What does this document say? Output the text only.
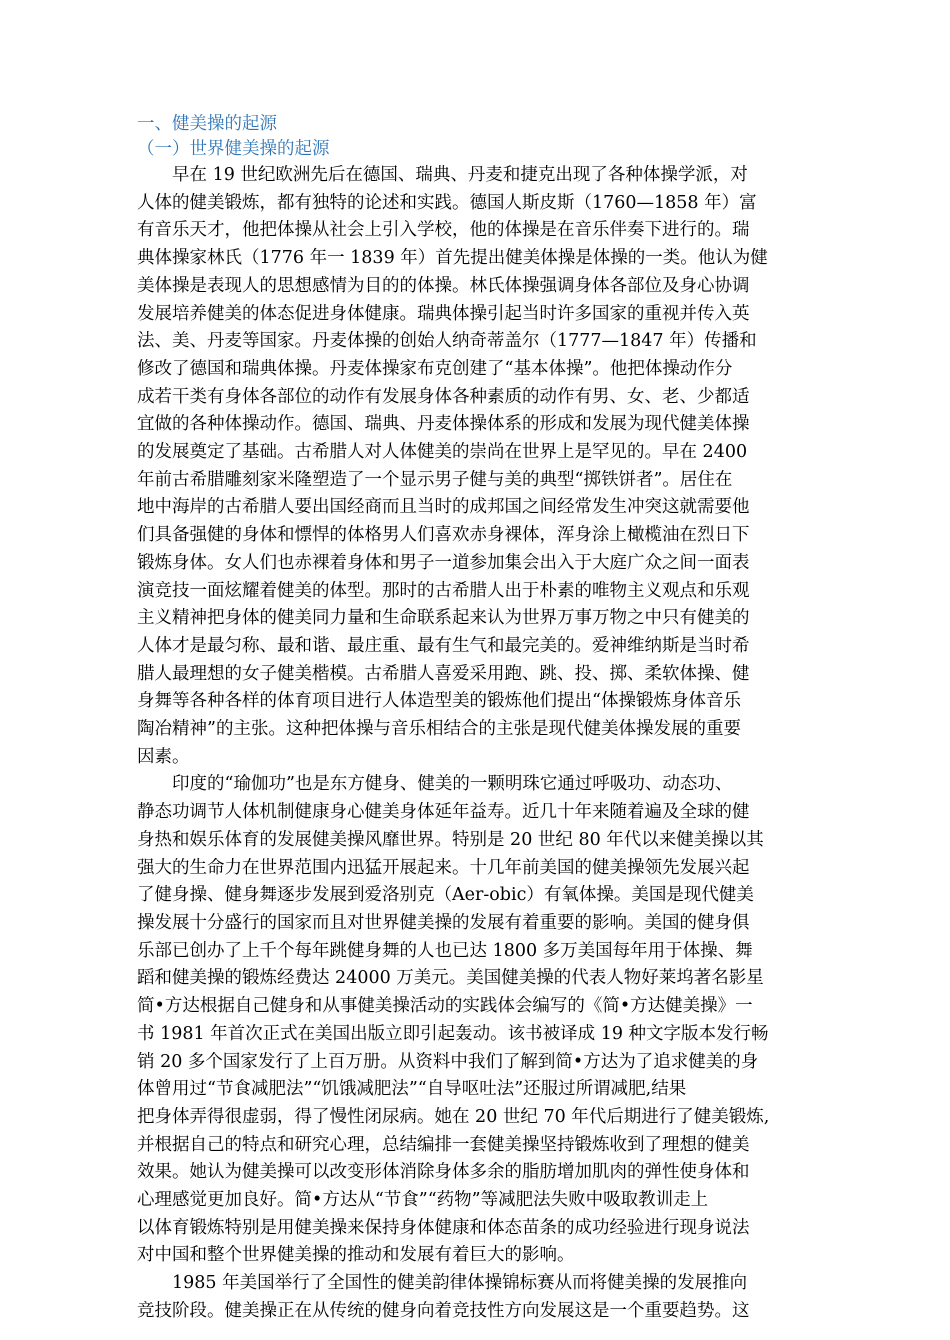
一、健美操的起源
（一）世界健美操的起源
早在 19 世纪欧洲先后在德国、瑞典、丹麦和捷克出现了各种体操学派，对
人体的健美锻炼，都有独特的论述和实践。德国人斯皮斯（1760—1858 年）富
有音乐天才，他把体操从社会上引入学校，他的体操是在音乐伴奏下进行的。瑞
典体操家林氏（1776 年一 1839 年）首先提出健美体操是体操的一类。他认为健
美体操是表现人的思想感情为目的的体操。林氏体操强调身体各部位及身心协调
发展培养健美的体态促进身体健康。瑞典体操引起当时许多国家的重视并传入英
法、美、丹麦等国家。丹麦体操的创始人纳奇蒂盖尔（1777—1847 年）传播和
修改了德国和瑞典体操。丹麦体操家布克创建了“基本体操”。他把体操动作分
成若干类有身体各部位的动作有发展身体各种素质的动作有男、女、老、少都适
宜做的各种体操动作。德国、瑞典、丹麦体操体系的形成和发展为现代健美体操
的发展奠定了基础。古希腊人对人体健美的崇尚在世界上是罕见的。早在 2400
年前古希腊雕刻家米隆塑造了一个显示男子健与美的典型“掷铁饼者”。居住在
地中海岸的古希腊人要出国经商而且当时的成邦国之间经常发生冲突这就需要他
们具备强健的身体和慓悍的体格男人们喜欢赤身裸体，浑身涂上橄榄油在烈日下
锻炼身体。女人们也赤裸着身体和男子一道参加集会出入于大庭广众之间一面表
演竞技一面炫耀着健美的体型。那时的古希腊人出于朴素的唯物主义观点和乐观
主义精神把身体的健美同力量和生命联系起来认为世界万事万物之中只有健美的
人体才是最匀称、最和谐、最庄重、最有生气和最完美的。爱神维纳斯是当时希
腊人最理想的女子健美楷模。古希腊人喜爱采用跑、跳、投、掷、柔软体操、健
身舞等各种各样的体育项目进行人体造型美的锻炼他们提出“体操锻炼身体音乐
陶冶精神”的主张。这种把体操与音乐相结合的主张是现代健美体操发展的重要
因素。
印度的“瑜伽功”也是东方健身、健美的一颗明珠它通过呼吸功、动态功、
静态功调节人体机制健康身心健美身体延年益寿。近几十年来随着遍及全球的健
身热和娱乐体育的发展健美操风靡世界。特别是 20 世纪 80 年代以来健美操以其
强大的生命力在世界范围内迅猛开展起来。十几年前美国的健美操领先发展兴起
了健身操、健身舞逐步发展到爱洛别克（Aer-obic）有氧体操。美国是现代健美
操发展十分盛行的国家而且对世界健美操的发展有着重要的影响。美国的健身俱
乐部已创办了上千个每年跳健身舞的人也已达 1800 多万美国每年用于体操、舞
蹈和健美操的锻炼经费达 24000 万美元。美国健美操的代表人物好莱坞著名影星
简•方达根据自己健身和从事健美操活动的实践体会编写的《简•方达健美操》一
书 1981 年首次正式在美国出版立即引起轰动。该书被译成 19 种文字版本发行畅
销 20 多个国家发行了上百万册。从资料中我们了解到简•方达为了追求健美的身
体曾用过“节食减肥法”“饥饿减肥法”“自导呕吐法”还服过所谓减肥,结果
把身体弄得很虚弱，得了慢性闭尿病。她在 20 世纪 70 年代后期进行了健美锻炼,
并根据自己的特点和研究心理，总结编排一套健美操坚持锻炼收到了理想的健美
效果。她认为健美操可以改变形体消除身体多余的脂肪增加肌肉的弹性使身体和
心理感觉更加良好。简•方达从“节食”“药物”等减肥法失败中吸取教训走上
以体育锻炼特别是用健美操来保持身体健康和体态苗条的成功经验进行现身说法
对中国和整个世界健美操的推动和发展有着巨大的影响。
1985 年美国举行了全国性的健美韵律体操锦标赛从而将健美操的发展推向
竞技阶段。健美操正在从传统的健身向着竞技性方向发展这是一个重要趋势。这
